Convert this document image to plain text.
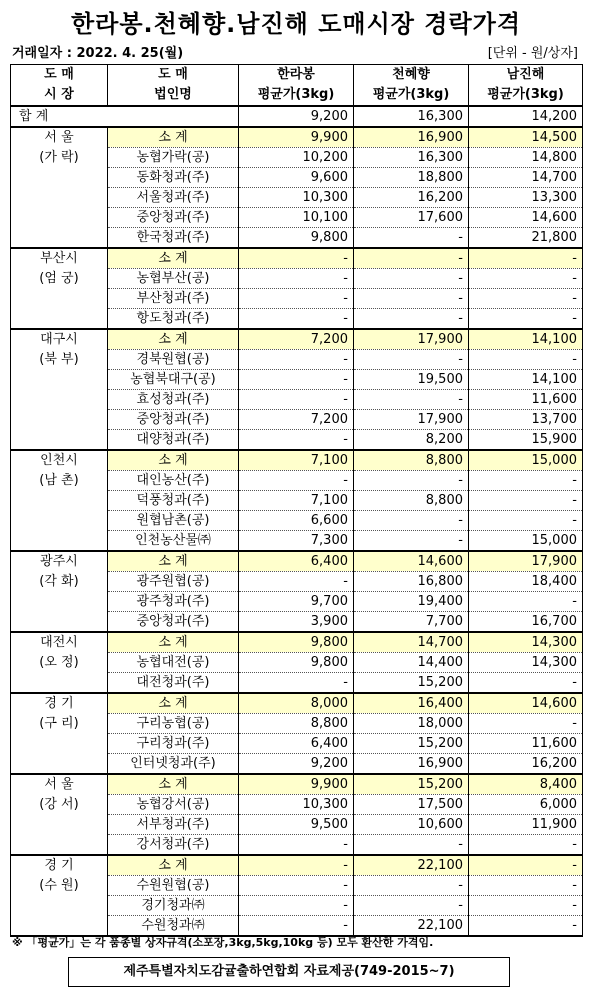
한라봉.천혜향.남진해 도매시장 경락가격
거래일자 : 2022. 4. 25(월)	[단위 - 원/상자]
도 매	도 매	한라봉	천혜향	남진해
시 장	법인명	평균가(3kg)	평균가(3kg)	평균가(3kg)
합 계		9,200	16,300	14,200
서 울	소 계	9,900	16,900	14,500
(가 락)	농협가락(공)	10,200	16,300	14,800
	동화청과(주)	9,600	18,800	14,700
	서울청과(주)	10,300	16,200	13,300
	중앙청과(주)	10,100	17,600	14,600
	한국청과(주)	9,800	-	21,800
부산시	소 계	-	-	-
(엄 궁)	농협부산(공)	-	-	-
	부산청과(주)	-	-	-
	항도청과(주)	-	-	-
대구시	소 계	7,200	17,900	14,100
(북 부)	경북원협(공)	-	-	-
	농협북대구(공)	-	19,500	14,100
	효성청과(주)	-	-	11,600
	중앙청과(주)	7,200	17,900	13,700
	대양청과(주)	-	8,200	15,900
인천시	소 계	7,100	8,800	15,000
(남 촌)	대인농산(주)	-	-	-
	덕풍청과(주)	7,100	8,800	-
	원협남촌(공)	6,600	-	-
	인천농산물㈜	7,300	-	15,000
광주시	소 계	6,400	14,600	17,900
(각 화)	광주원협(공)	-	16,800	18,400
	광주청과(주)	9,700	19,400	-
	중앙청과(주)	3,900	7,700	16,700
대전시	소 계	9,800	14,700	14,300
(오 정)	농협대전(공)	9,800	14,400	14,300
	대전청과(주)	-	15,200	-
경 기	소 계	8,000	16,400	14,600
(구 리)	구리농협(공)	8,800	18,000	-
	구리청과(주)	6,400	15,200	11,600
	인터넷청과(주)	9,200	16,900	16,200
서 울	소 계	9,900	15,200	8,400
(강 서)	농협강서(공)	10,300	17,500	6,000
	서부청과(주)	9,500	10,600	11,900
	강서청과(주)	-	-	-
경 기	소 계	-	22,100	-
(수 원)	수원원협(공)	-	-	-
	경기청과㈜	-	-	-
	수원청과㈜	-	22,100	-
※ 「평균가」는 각 품종별 상자규격(소포장,3kg,5kg,10kg 등) 모두 환산한 가격임.
제주특별자치도감귤출하연합회 자료제공(749-2015~7)
